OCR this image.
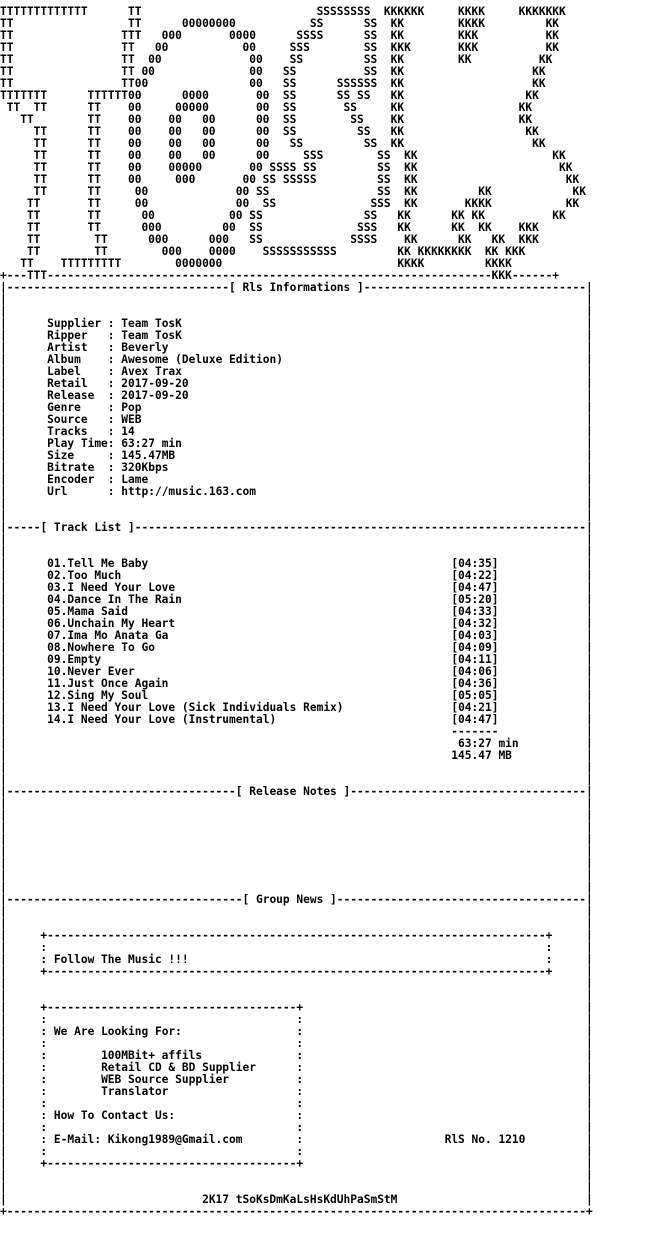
TTTTTTTTTTTTT      TT                          SSSSSSSS  KKKKKK     KKKK     KKKKKKK
TT                 TT      00000000           SS      SS  KK        KKKK         KK
TT                TTT   000       0000      SSSS      SS  KK        KKK          KK
TT                TT   00           00     SSS        SS  KKK       KKK          KK
TT                TT  00             00    SS         SS  KK        KK          KK
TT                TT 00              00   SS          SS  KK                   KK
TT                TT00               00   SS      SSSSSS  KK                   KK
TTTTTTT      TTTTTT00      0000       00  SS      SS SS   KK                  KK
TT  TT      TT    00     00000       00  SS       SS     KK                 KK
TT        TT    00    00   00      00  SS        SS    KK                 KK
TT      TT    00    00   00      00  SS         SS   KK                  KK
TT      TT    00    00   00      00   SS         SS  KK                   KK
TT      TT    00    00   00      00     SSS        SS  KK                    KK
TT      TT    00    00000       00 SSSS SS         SS  KK                     KK
TT      TT    00     000       00 SS SSSSS         SS  KK                      KK
TT      TT     00             00 SS                SS  KK         KK            KK
TT       TT     00             00  SS              SSS  KK       KKKK           KK
TT       TT      00           00 SS               SS   KK      KK KK          KK
TT       TT      000         00  SS              SSS   KK      KK  KK    KKK
TT        TT      000      000   SS             SSSS    KK      KK   KK  KKK
TT        TT        000    0000    SSSSSSSSSSS         KK KKKKKKKK  KK KKK
TT    TTTTTTTTT        0000000                          KKKK         KKKK
+---TTT------------------------------------------------------------------KKK------+
|---------------------------------[ Rls Informations ]---------------------------------|
|                                                                                      |
|                                                                                      |
|	Supplier : Team TosK                                                            |
|	Ripper   : Team TosK                                                            |
|	Artist   : Beverly                                                              |
|	Album    : Awesome (Deluxe Edition)                                             |
|	Label    : Avex Trax                                                            |
|	Retail   : 2017-09-20                                                           |
|	Release  : 2017-09-20                                                           |
|	Genre    : Pop                                                                  |
|	Source   : WEB                                                                  |
|	Tracks   : 14                                                                   |
|	Play Time: 63:27 min                                                            |
|	Size     : 145.47MB                                                             |
|	Bitrate  : 320Kbps                                                              |
|	Encoder  : Lame                                                                 |
|	Url      : http://music.163.com                                                 |
|                                                                                      |
|                                                                                      |
|-----[ Track List ]-------------------------------------------------------------------|
|                                                                                      |
|                                                                                      |
|	01.Tell Me Baby	[04:35]             |
|	02.Too Much	[04:22]             |
|	03.I Need Your Love	[04:47]             |
|	04.Dance In The Rain	[05:20]             |
|	05.Mama Said	[04:33]             |
|	06.Unchain My Heart	[04:32]             |
|	07.Ima Mo Anata Ga	[04:03]             |
|	08.Nowhere To Go	[04:09]             |
|	09.Empty	[04:11]             |
|	10.Never Ever	[04:06]             |
|	11.Just Once Again	[04:36]             |
|	12.Sing My Soul	[05:05]             |
|	13.I Need Your Love (Sick Individuals Remix)	[04:21]             |
|	14.I Need Your Love (Instrumental)	[04:47]             |
|	-------             |
|	63:27 min          |
|	145.47 MB           |
|                                                                                      |
|                                                                                      |
|----------------------------------[ Release Notes ]-----------------------------------|
|                                                                                      |
|                                                                                      |
|                                                                                      |
|                                                                                      |
|                                                                                      |
|                                                                                      |
|                                                                                      |
|                                                                                      |
|-----------------------------------[ Group News ]-------------------------------------|
|                                                                                      |
|                                                                                      |
|     +--------------------------------------------------------------------------+     |
|     :                                                                          :     |
|     : Follow The Music !!!                                                     :     |
|     +--------------------------------------------------------------------------+     |
|                                                                                      |
|                                                                                      |
|     +-------------------------------------+                                          |
|     :                                     :                                          |
|     : We Are Looking For:                 :                                          |
|     :                                     :                                          |
|     :	100MBit+ affils              :                                          |
|     :	Retail CD & BD Supplier      :                                          |
|     :	WEB Source Supplier          :                                          |
|     :	Translator                   :                                          |
|     :                                     :                                          |
|     : How To Contact Us:                  :                                          |
|     :                                     :                                          |
|     : E-Mail: Kikong1989@Gmail.com        :                     RlS No. 1210         |
|     :                                     :                                          |
|     +-------------------------------------+                                          |
|                                                                                      |
|                                                                                      |
|	2K17 tSoKsDmKaLsHsKdUhPaSmStM                            |
+--------------------------------------------------------------------------------------+
